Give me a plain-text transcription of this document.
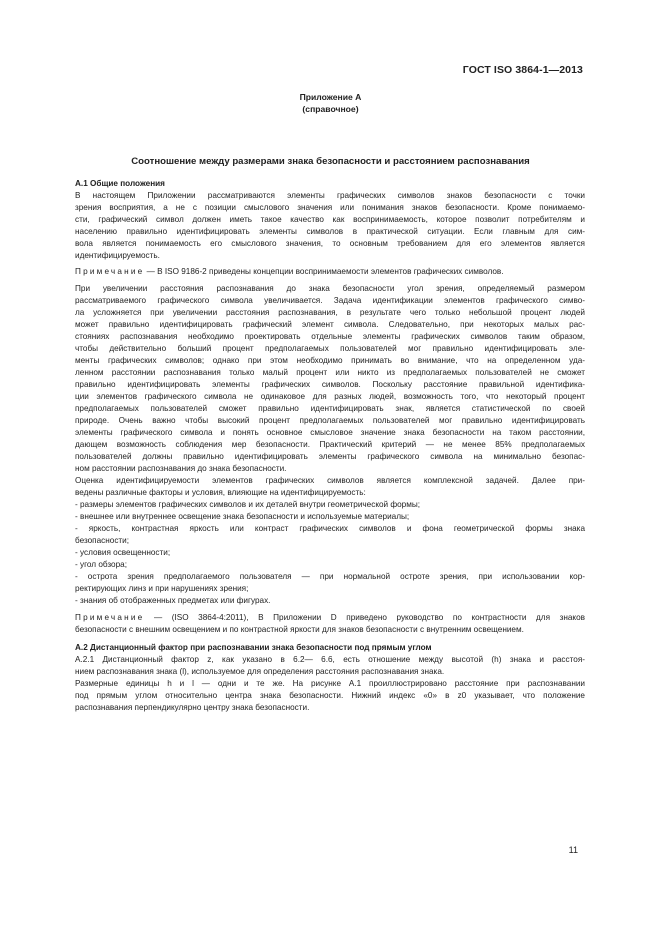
ГОСТ ISO 3864-1—2013
Приложение А
(справочное)
Соотношение между размерами знака безопасности и расстоянием распознавания
А.1 Общие положения
В настоящем Приложении рассматриваются элементы графических символов знаков безопасности с точки
зрения восприятия, а не с позиции смыслового значения или понимания знаков безопасности. Кроме понимаемо-
сти, графический символ должен иметь такое качество как воспринимаемость, которое позволит потребителям и
населению правильно идентифицировать элементы символов в практической ситуации. Если главным для сим-
вола является понимаемость его смыслового значения, то основным требованием для его элементов является
идентифицируемость.
Примечание — В ISO 9186-2 приведены концепции воспринимаемости элементов графических символов.
При увеличении расстояния распознавания до знака безопасности угол зрения, определяемый размером
рассматриваемого графического символа увеличивается. Задача идентификации элементов графического симво-
ла усложняется при увеличении расстояния распознавания, в результате чего только небольшой процент людей
может правильно идентифицировать графический элемент символа. Следовательно, при некоторых малых рас-
стояниях распознавания необходимо проектировать отдельные элементы графических символов таким образом,
чтобы действительно больший процент предполагаемых пользователей мог правильно идентифицировать эле-
менты графических символов; однако при этом необходимо принимать во внимание, что на определенном уда-
ленном расстоянии распознавания только малый процент или никто из предполагаемых пользователей не сможет
правильно идентифицировать элементы графических символов. Поскольку расстояние правильной идентифика-
ции элементов графического символа не одинаковое для разных людей, возможность того, что некоторый процент
предполагаемых пользователей сможет правильно идентифицировать знак, является статистической по своей
природе. Очень важно чтобы высокий процент предполагаемых пользователей мог правильно идентифицировать
элементы графического символа и понять основное смысловое значение знака безопасности на таком расстоянии,
дающем возможность соблюдения мер безопасности. Практический критерий — не менее 85% предполагаемых
пользователей должны правильно идентифицировать элементы графического символа на минимально безопас-
ном расстоянии распознавания до знака безопасности.
Оценка идентифицируемости элементов графических символов является комплексной задачей. Далее при-
ведены различные факторы и условия, влияющие на идентифицируемость:
- размеры элементов графических символов и их деталей внутри геометрической формы;
- внешнее или внутреннее освещение знака безопасности и используемые материалы;
- яркость, контрастная яркость или контраст графических символов и фона геометрической формы знака
безопасности;
- условия освещенности;
- угол обзора;
- острота зрения предполагаемого пользователя — при нормальной остроте зрения, при использовании кор-
ректирующих линз и при нарушениях зрения;
- знания об отображенных предметах или фигурах.
Примечание — (ISO 3864-4:2011), В Приложении D приведено руководство по контрастности для знаков
безопасности с внешним освещением и по контрастной яркости для знаков безопасности с внутренним освещением.
А.2 Дистанционный фактор при распознавании знака безопасности под прямым углом
А.2.1 Дистанционный фактор z, как указано в 6.2— 6.6, есть отношение между высотой (h) знака и расстоя-
нием распознавания знака (l), используемое для определения расстояния распознавания знака.
Размерные единицы h и l — одни и те же. На рисунке А.1 проиллюстрировано расстояние при распознавании
под прямым углом относительно центра знака безопасности. Нижний индекс «0» в z0 указывает, что положение
распознавания перпендикулярно центру знака безопасности.
11
